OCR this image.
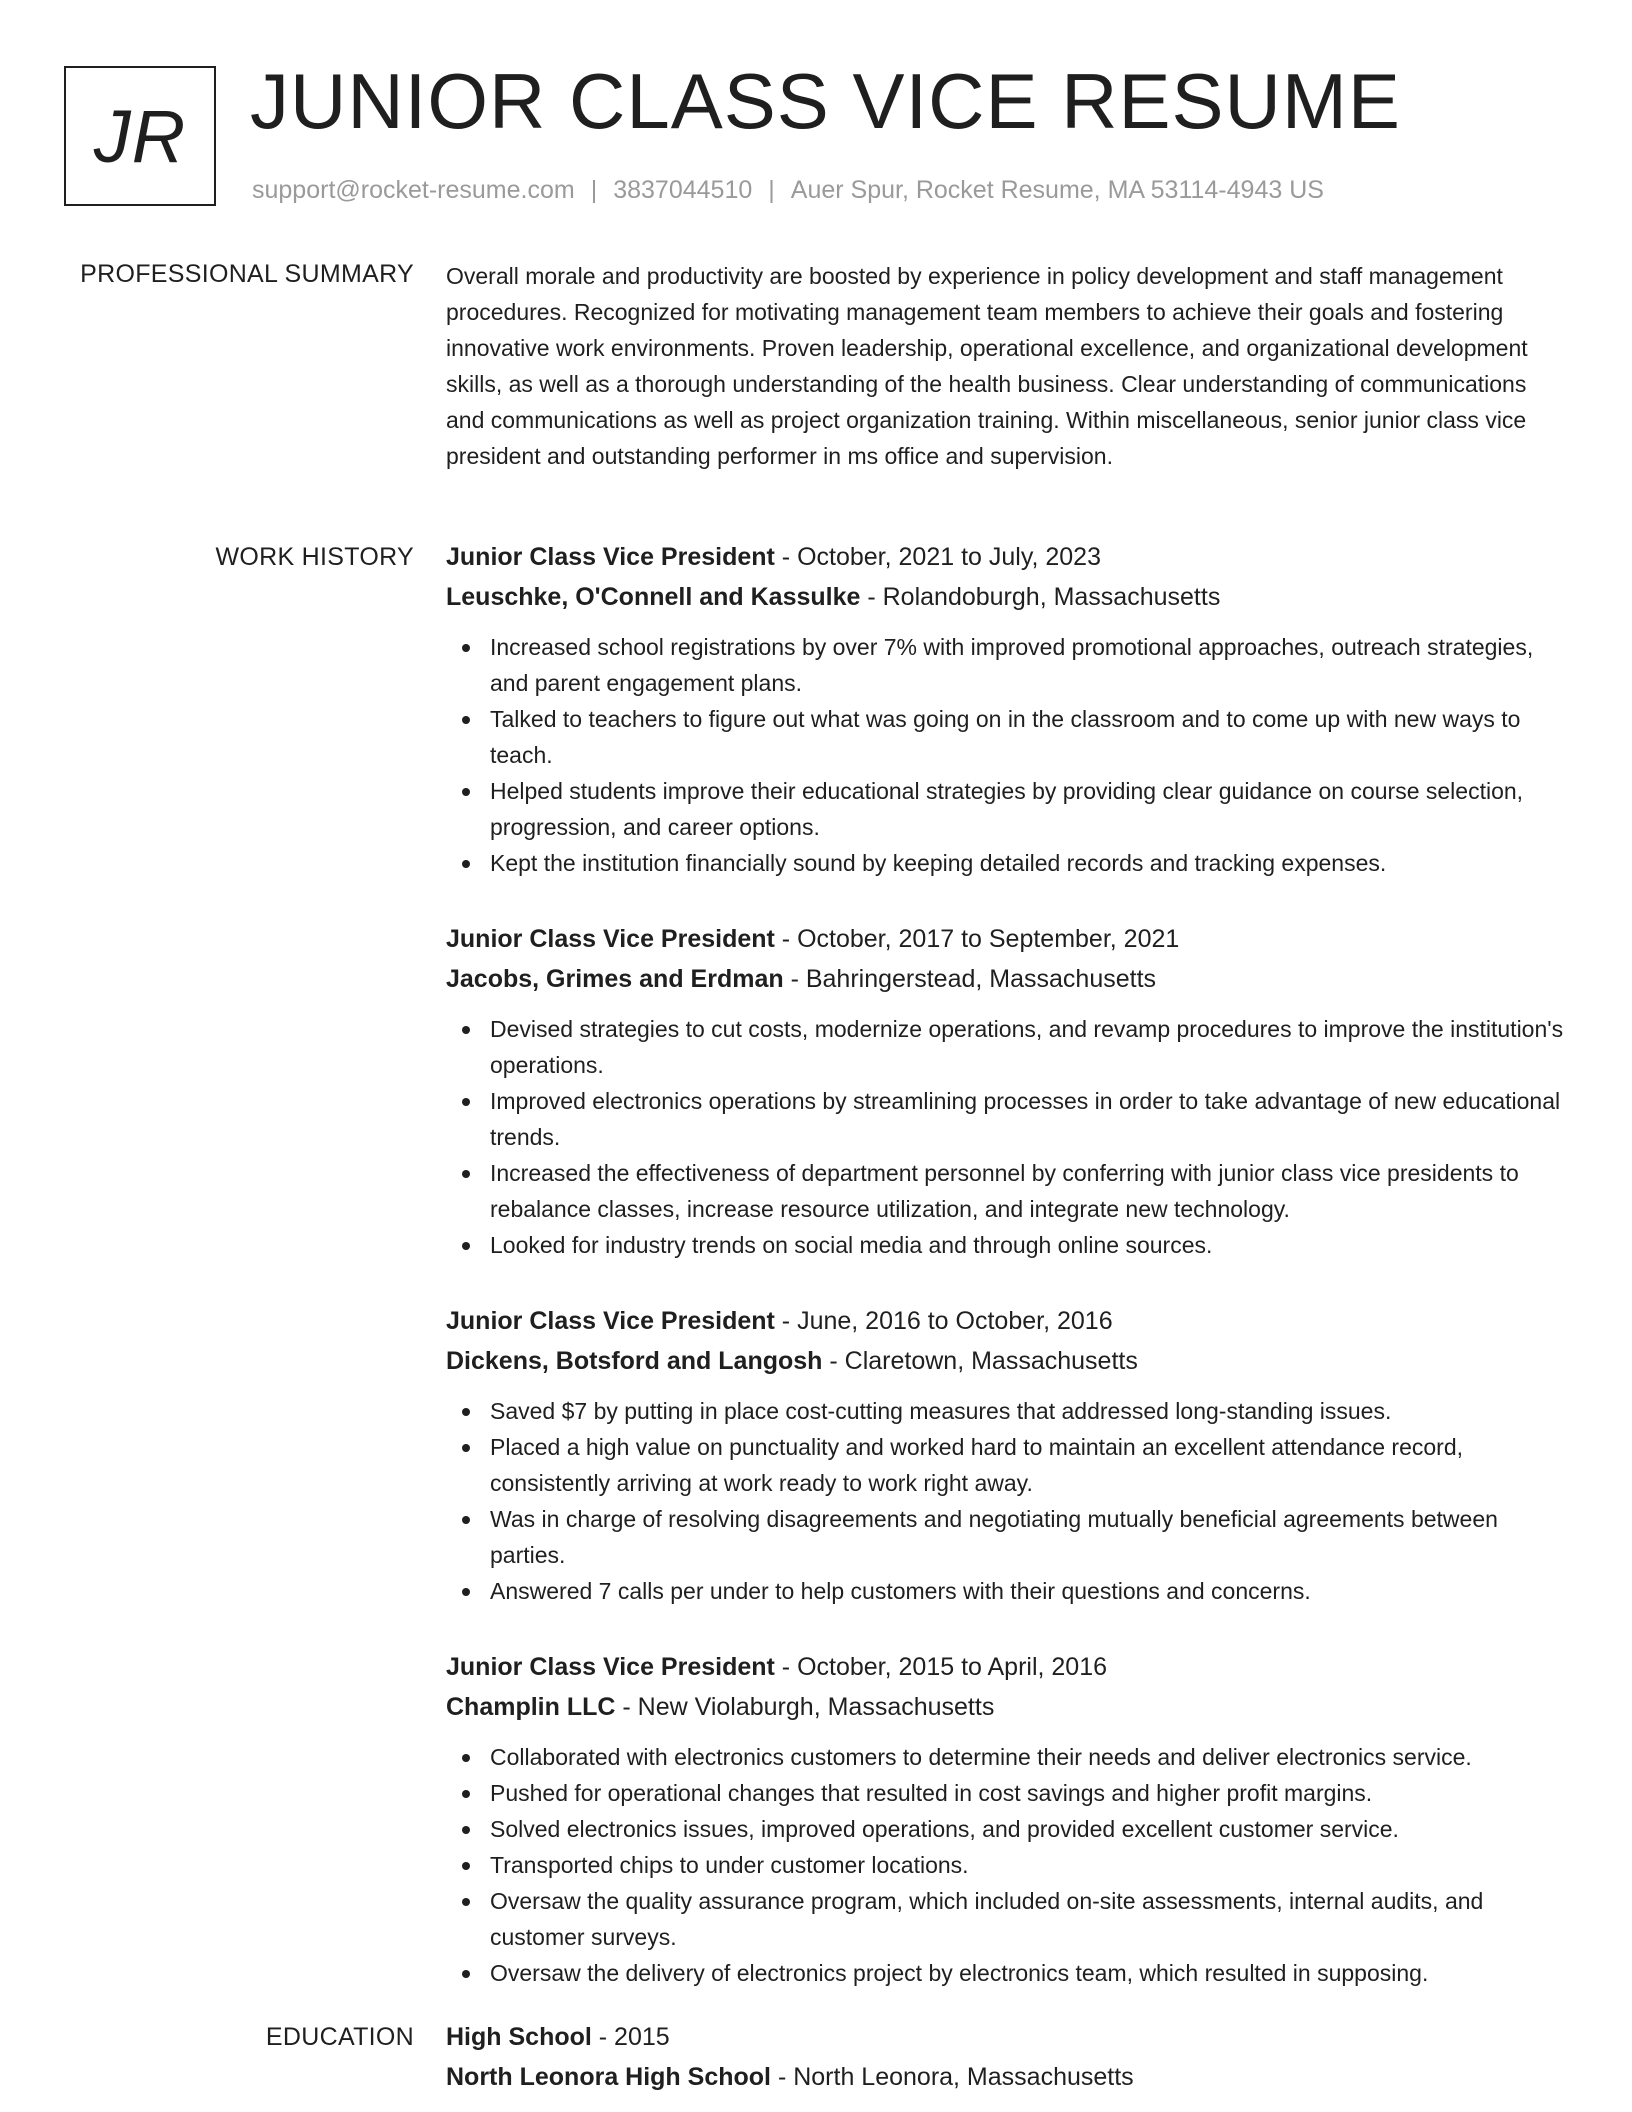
JR JUNIOR CLASS VICE RESUME
support@rocket-resume.com | 3837044510 | Auer Spur, Rocket Resume, MA 53114-4943 US
PROFESSIONAL SUMMARY Overall morale and productivity are boosted by experience in policy development and staff management procedures. Recognized for motivating management team members to achieve their goals and fostering innovative work environments. Proven leadership, operational excellence, and organizational development skills, as well as a thorough understanding of the health business. Clear understanding of communications and communications as well as project organization training. Within miscellaneous, senior junior class vice president and outstanding performer in ms office and supervision.

WORK HISTORY Junior Class Vice President - October, 2021 to July, 2023
Leuschke, O'Connell and Kassulke - Rolandoburgh, Massachusetts
Increased school registrations by over 7% with improved promotional approaches, outreach strategies, and parent engagement plans.
Talked to teachers to figure out what was going on in the classroom and to come up with new ways to teach.
Helped students improve their educational strategies by providing clear guidance on course selection, progression, and career options.
Kept the institution financially sound by keeping detailed records and tracking expenses.
Junior Class Vice President - October, 2017 to September, 2021
Jacobs, Grimes and Erdman - Bahringerstead, Massachusetts
Devised strategies to cut costs, modernize operations, and revamp procedures to improve the institution's operations.
Improved electronics operations by streamlining processes in order to take advantage of new educational trends.
Increased the effectiveness of department personnel by conferring with junior class vice presidents to rebalance classes, increase resource utilization, and integrate new technology.
Looked for industry trends on social media and through online sources.
Junior Class Vice President - June, 2016 to October, 2016
Dickens, Botsford and Langosh - Claretown, Massachusetts
Saved $7 by putting in place cost-cutting measures that addressed long-standing issues.
Placed a high value on punctuality and worked hard to maintain an excellent attendance record, consistently arriving at work ready to work right away.
Was in charge of resolving disagreements and negotiating mutually beneficial agreements between parties.
Answered 7 calls per under to help customers with their questions and concerns.
Junior Class Vice President - October, 2015 to April, 2016
Champlin LLC - New Violaburgh, Massachusetts
Collaborated with electronics customers to determine their needs and deliver electronics service.
Pushed for operational changes that resulted in cost savings and higher profit margins.
Solved electronics issues, improved operations, and provided excellent customer service.
Transported chips to under customer locations.
Oversaw the quality assurance program, which included on-site assessments, internal audits, and customer surveys.
Oversaw the delivery of electronics project by electronics team, which resulted in supposing.
EDUCATION High School - 2015
North Leonora High School - North Leonora, Massachusetts
